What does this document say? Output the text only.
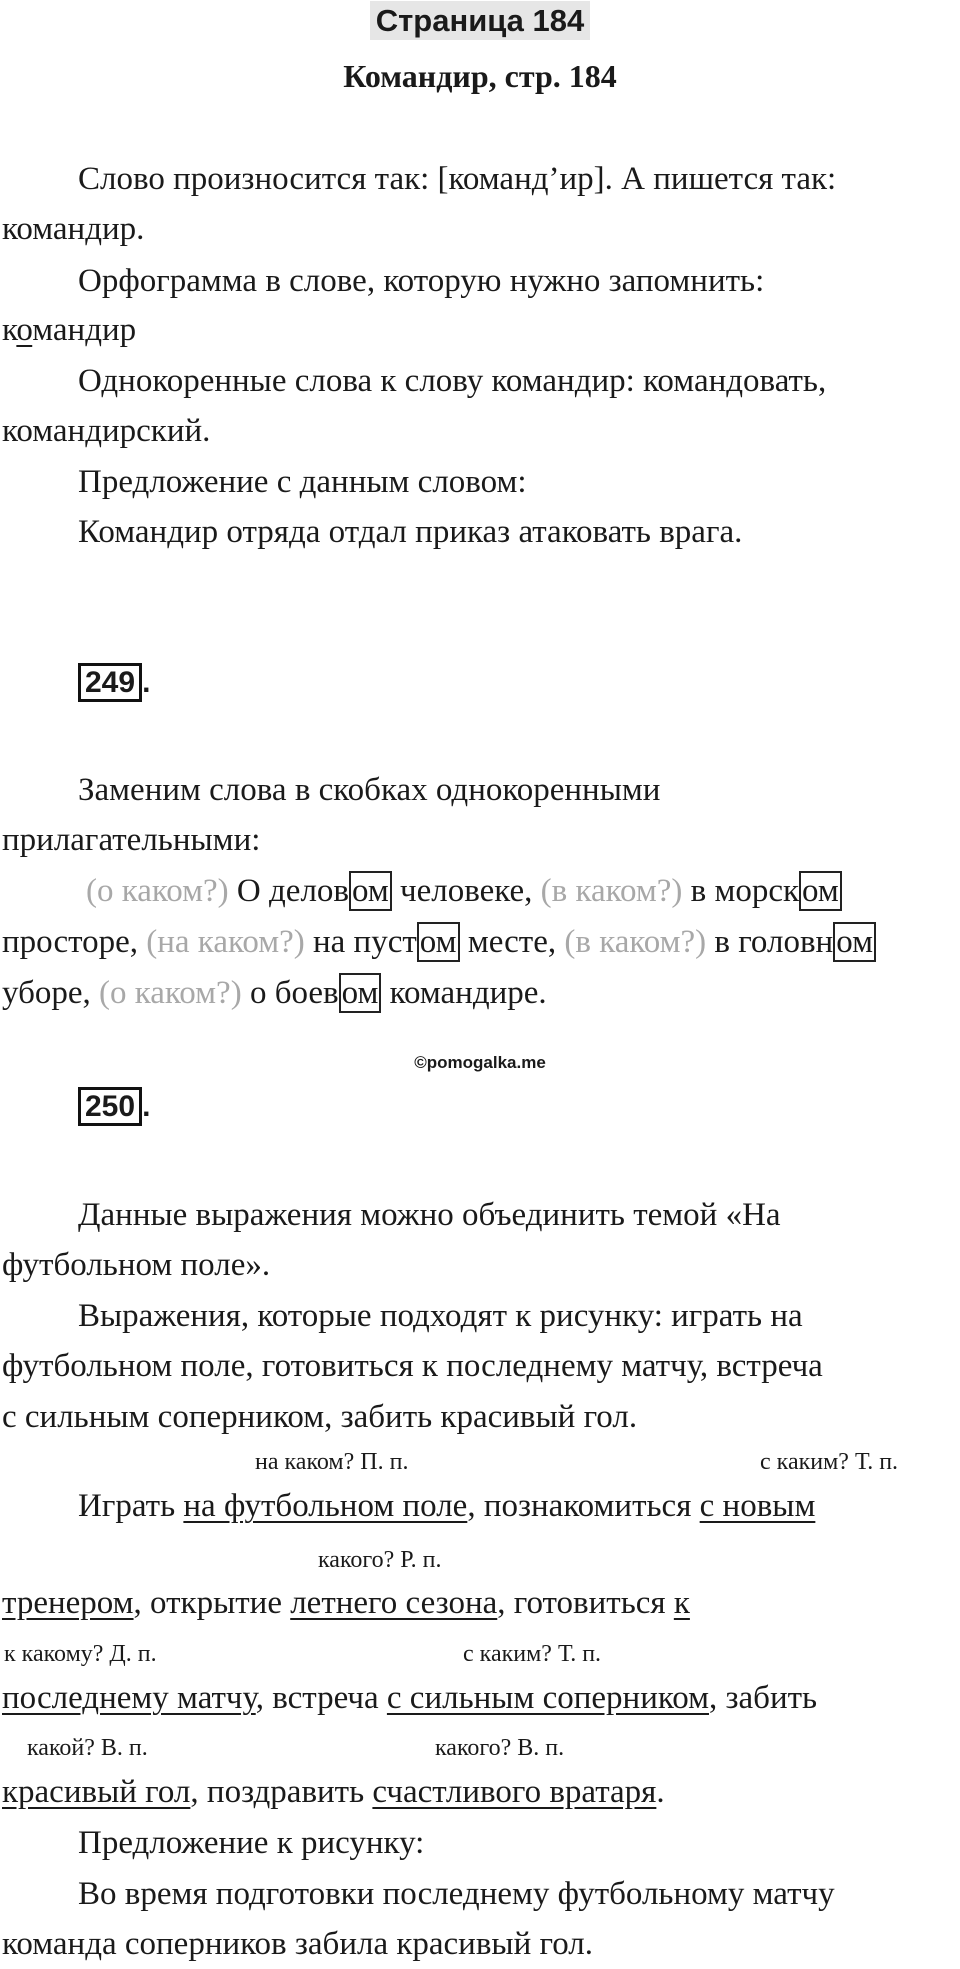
Страница 184
Командир, стр. 184
Слово произносится так: [команд’ир]. А пишется так:
командир.
Орфограмма в слове, которую нужно запомнить:
командир
Однокоренные слова к слову командир: командовать,
командирский.
Предложение с данным словом:
Командир отряда отдал приказ атаковать врага.
249 .
Заменим слова в скобках однокоренными
прилагательными:
(о каком?) О деловом человеке, (в каком?) в морском
просторе, (на каком?) на пустом месте, (в каком?) в головном
уборе, (о каком?) о боевом командире.
©pomogalka.me
250 .
Данные выражения можно объединить темой «На
футбольном поле».
Выражения, которые подходят к рисунку: играть на
футбольном поле, готовиться к последнему матчу, встреча
с сильным соперником, забить красивый гол.
на каком? П. п.	с каким? Т. п.
Играть на футбольном поле, познакомиться с новым
какого? Р. п.
тренером, открытие летнего сезона, готовиться к
к какому? Д. п.	с каким? Т. п.
последнему матчу, встреча с сильным соперником, забить
какой? В. п.	какого? В. п.
красивый гол, поздравить счастливого вратаря.
Предложение к рисунку:
Во время подготовки последнему футбольному матчу
команда соперников забила красивый гол.
